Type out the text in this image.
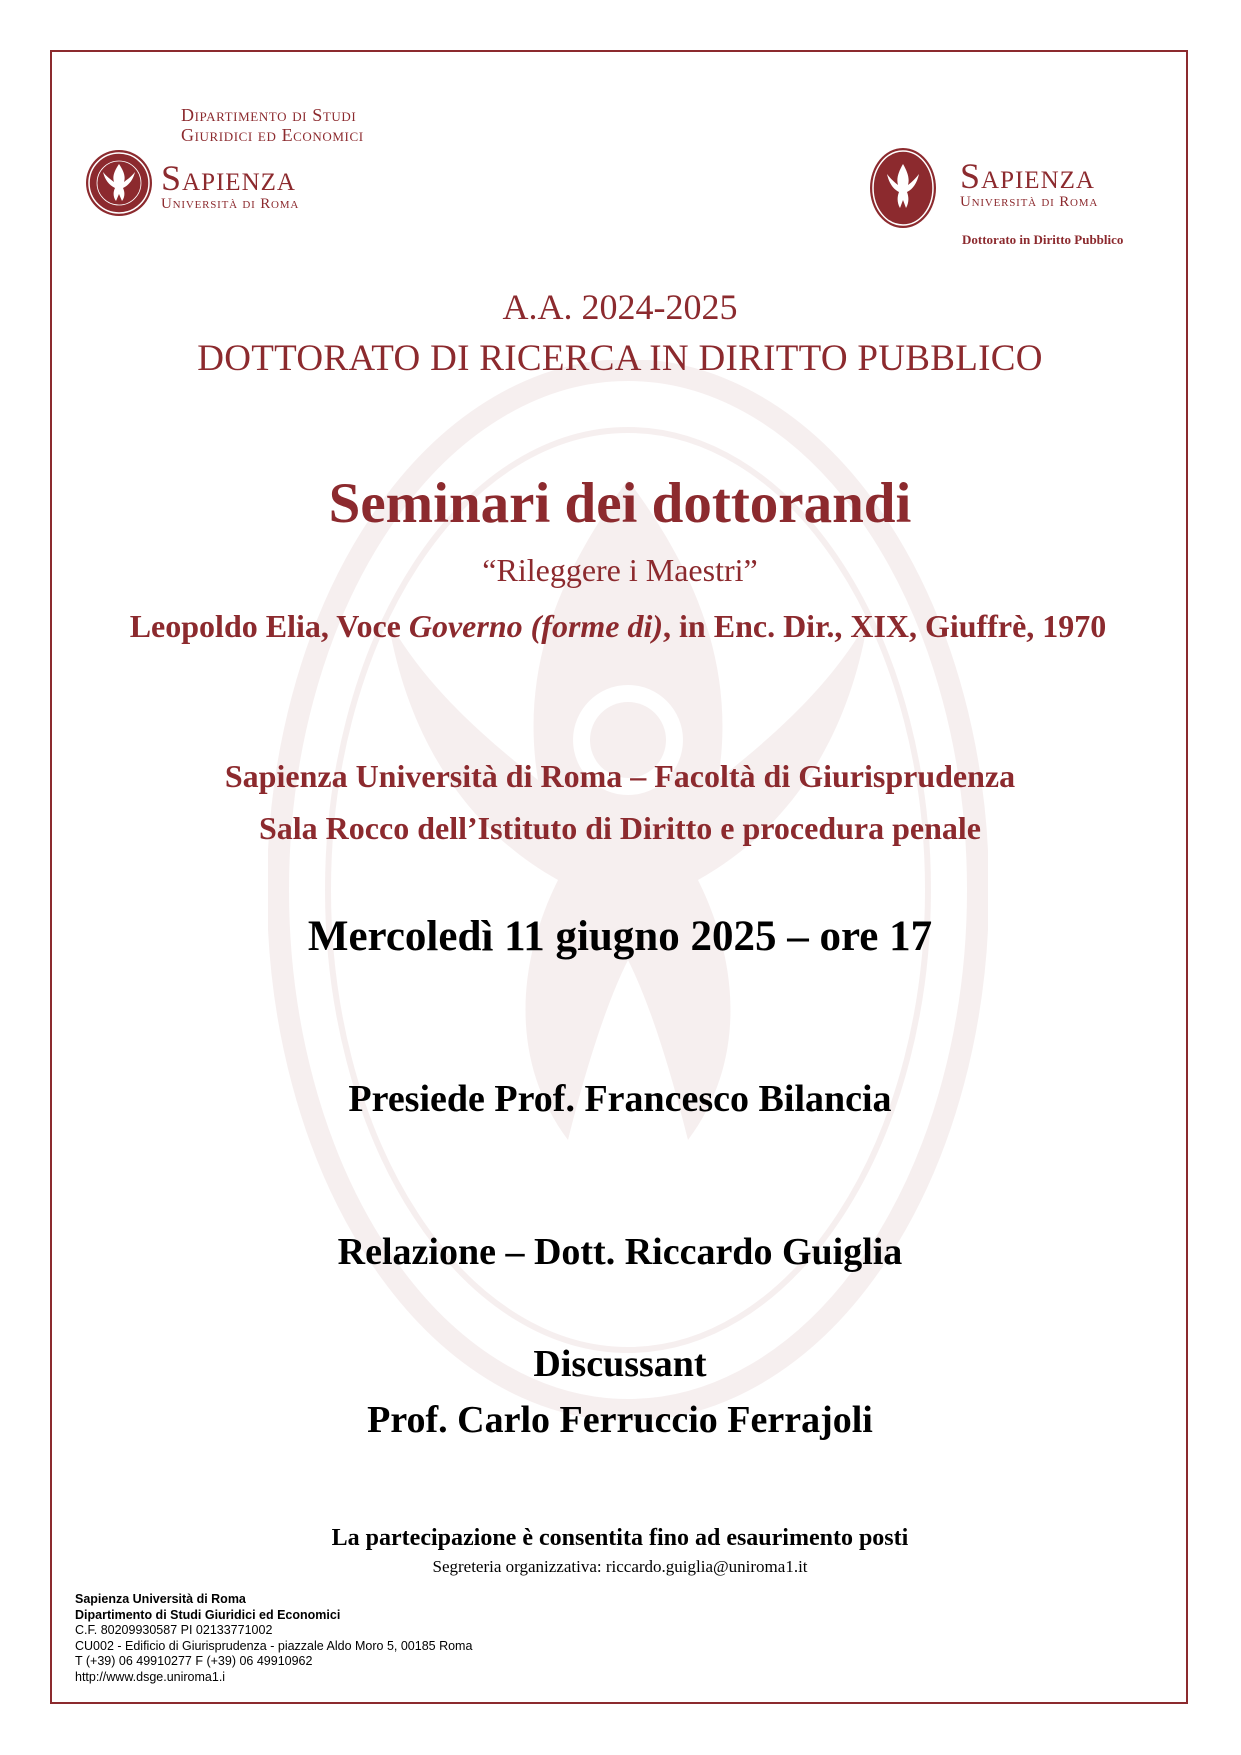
Dipartimento di Studi
Giuridici ed Economici
Sapienza
Università di Roma
Sapienza
Università di Roma
Dottorato in Diritto Pubblico
A.A. 2024-2025
DOTTORATO DI RICERCA IN DIRITTO PUBBLICO
Seminari dei dottorandi
“Rileggere i Maestri”
Leopoldo Elia, Voce Governo (forme di), in Enc. Dir., XIX, Giuffrè, 1970
Sapienza Università di Roma – Facoltà di Giurisprudenza
Sala Rocco dell’Istituto di Diritto e procedura penale
Mercoledì 11 giugno 2025 – ore 17
Presiede Prof. Francesco Bilancia
Relazione – Dott. Riccardo Guiglia
Discussant
Prof. Carlo Ferruccio Ferrajoli
La partecipazione è consentita fino ad esaurimento posti
Segreteria organizzativa: riccardo.guiglia@uniroma1.it
Sapienza Università di Roma
Dipartimento di Studi Giuridici ed Economici
C.F. 80209930587 PI 02133771002
CU002 - Edificio di Giurisprudenza - piazzale Aldo Moro 5, 00185 Roma
T (+39) 06 49910277 F (+39) 06 49910962
http://www.dsge.uniroma1.i
